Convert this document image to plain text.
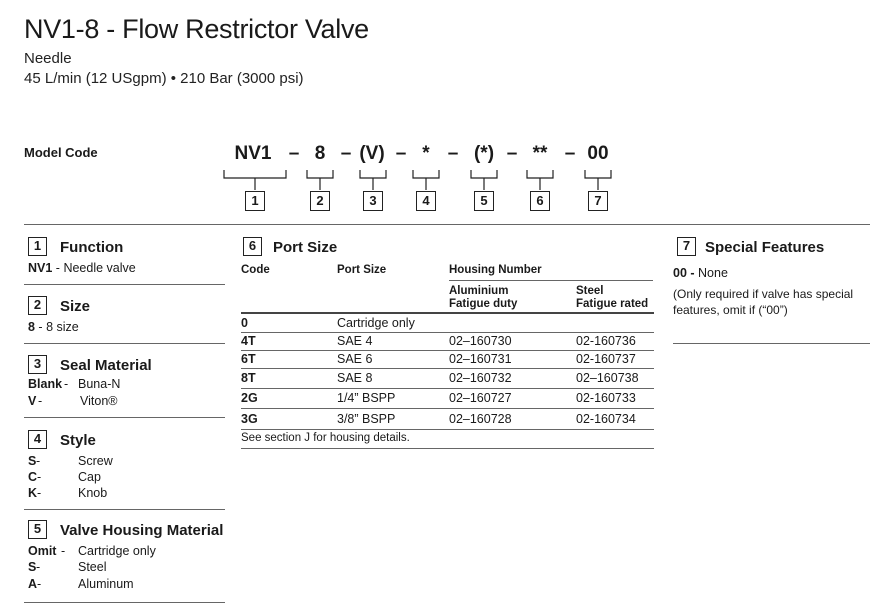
NV1-8 - Flow Restrictor Valve
Needle
45 L/min (12 USgpm) • 210 Bar (3000 psi)
Model Code	NV1 – 8 – (V) – * – (*) – ** – 00
1	2	3	4	5	6	7
1	Function
NV1 - Needle valve
2	Size
8 - 8 size
3	Seal Material
Blank - Buna-N
V -	Viton®
4	Style
S -	Screw
C -	Cap
K -	Knob
5	Valve Housing Material
Omit - Cartridge only
S -	Steel
A -	Aluminum
6	Port Size
Code	Port Size	Housing Number
Aluminium
Fatigue duty
Steel
Fatigue rated
0	Cartridge only
4T	SAE 4	02–160730	02-160736
6T	SAE 6	02–160731	02-160737
8T	SAE 8	02–160732	02–160738
2G	1/4” BSPP	02–160727	02-160733
3G	3/8” BSPP	02–160728	02-160734
See section J for housing details.
7 Special Features
00 - None
(Only required if valve has special
features, omit if (“00”)
